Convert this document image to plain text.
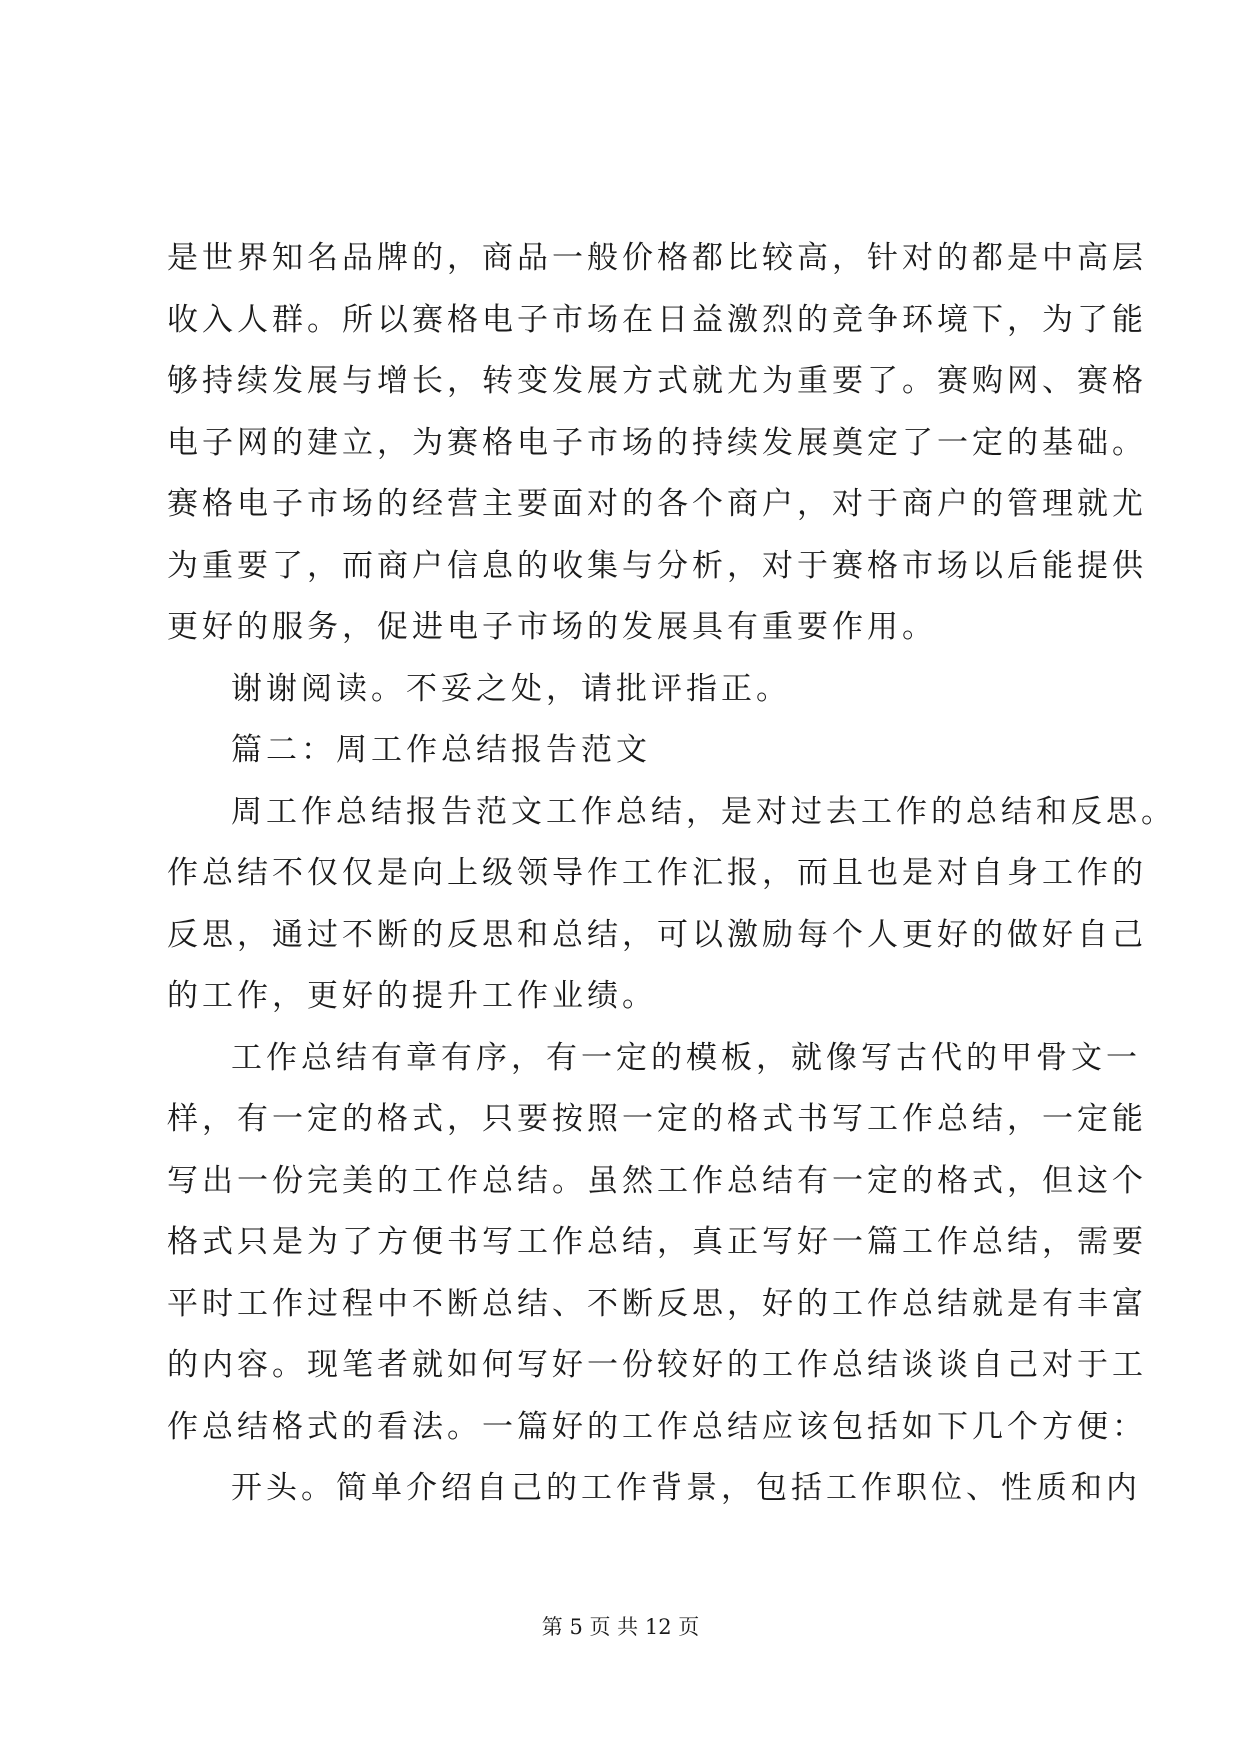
是世界知名品牌的，商品一般价格都比较高，针对的都是中高层
收入人群。所以赛格电子市场在日益激烈的竞争环境下，为了能
够持续发展与增长，转变发展方式就尤为重要了。赛购网、赛格
电子网的建立，为赛格电子市场的持续发展奠定了一定的基础。
赛格电子市场的经营主要面对的各个商户，对于商户的管理就尤
为重要了，而商户信息的收集与分析，对于赛格市场以后能提供
更好的服务，促进电子市场的发展具有重要作用。
谢谢阅读。不妥之处，请批评指正。
篇二：周工作总结报告范文
周工作总结报告范文工作总结，是对过去工作的总结和反思。
作总结不仅仅是向上级领导作工作汇报，而且也是对自身工作的
反思，通过不断的反思和总结，可以激励每个人更好的做好自己
的工作，更好的提升工作业绩。
工作总结有章有序，有一定的模板，就像写古代的甲骨文一
样，有一定的格式，只要按照一定的格式书写工作总结，一定能
写出一份完美的工作总结。虽然工作总结有一定的格式，但这个
格式只是为了方便书写工作总结，真正写好一篇工作总结，需要
平时工作过程中不断总结、不断反思，好的工作总结就是有丰富
的内容。现笔者就如何写好一份较好的工作总结谈谈自己对于工
作总结格式的看法。一篇好的工作总结应该包括如下几个方便：
开头。简单介绍自己的工作背景，包括工作职位、性质和内
第 5 页 共 12 页
